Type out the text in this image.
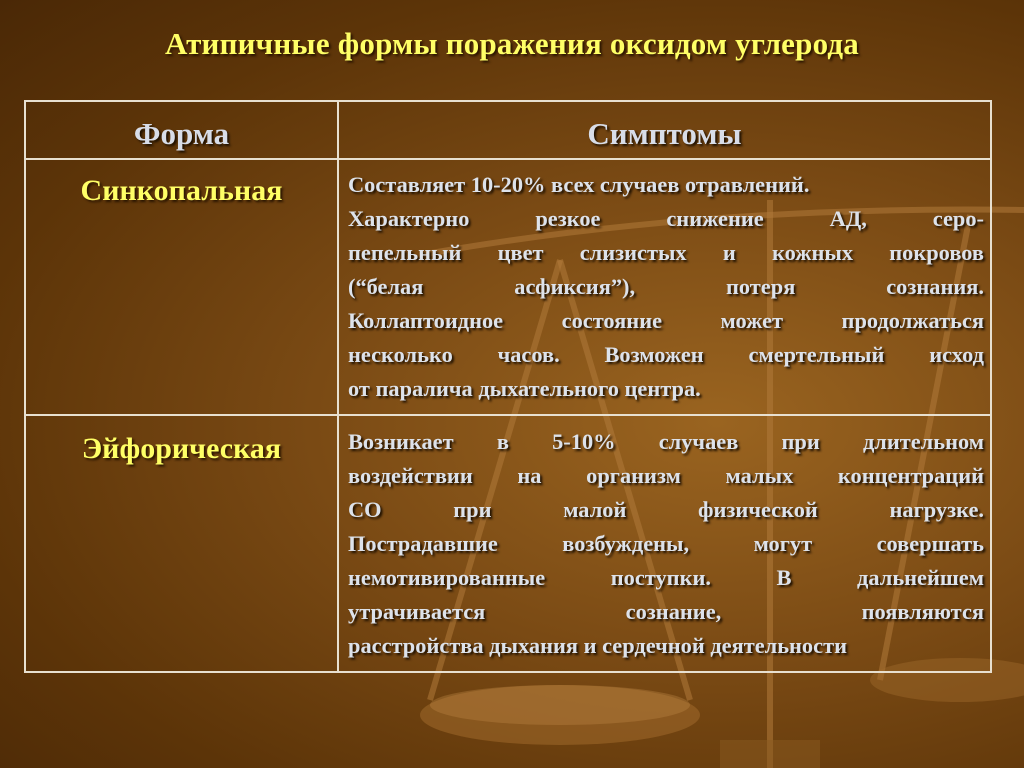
Атипичные формы поражения оксидом углерода
Форма	Симптомы
Синкопальная	Составляет 10-20% всех случаев отравлений.
Характерно резкое снижение АД, серо-
пепельный цвет слизистых и кожных покровов
(“белая асфиксия”), потеря сознания.
Коллаптоидное состояние может продолжаться
несколько часов. Возможен смертельный исход
от паралича дыхательного центра.
Эйфорическая	Возникает в 5-10% случаев при длительном
воздействии на организм малых концентраций
СО при малой физической нагрузке.
Пострадавшие возбуждены, могут совершать
немотивированные поступки. В дальнейшем
утрачивается сознание, появляются
расстройства дыхания и сердечной деятельности
